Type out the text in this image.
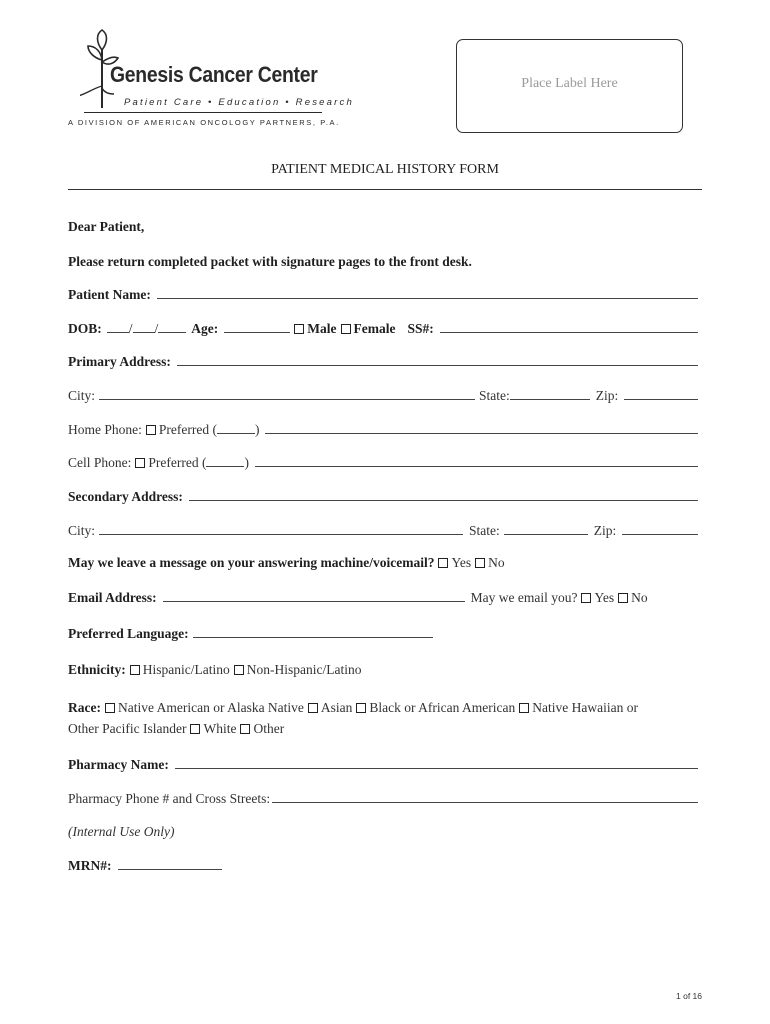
Genesis Cancer Center
Patient Care • Education • Research
A DIVISION OF AMERICAN ONCOLOGY PARTNERS, P.A.
Place Label Here
PATIENT MEDICAL HISTORY FORM
Dear Patient,
Please return completed packet with signature pages to the front desk.
Patient Name:
DOB: / / Age:	Male Female SS#:
Primary Address:
City:	State:	Zip:
Home Phone: Preferred (	)
Cell Phone: Preferred (	)
Secondary Address:
City:	State:	Zip:
May we leave a message on your answering machine/voicemail? Yes No
Email Address:	May we email you? Yes No
Preferred Language:
Ethnicity: Hispanic/Latino Non-Hispanic/Latino
Race: Native American or Alaska Native Asian Black or African American Native Hawaiian or
Other Pacific Islander White Other
Pharmacy Name:
Pharmacy Phone # and Cross Streets:
(Internal Use Only)
MRN#:
1 of 16
